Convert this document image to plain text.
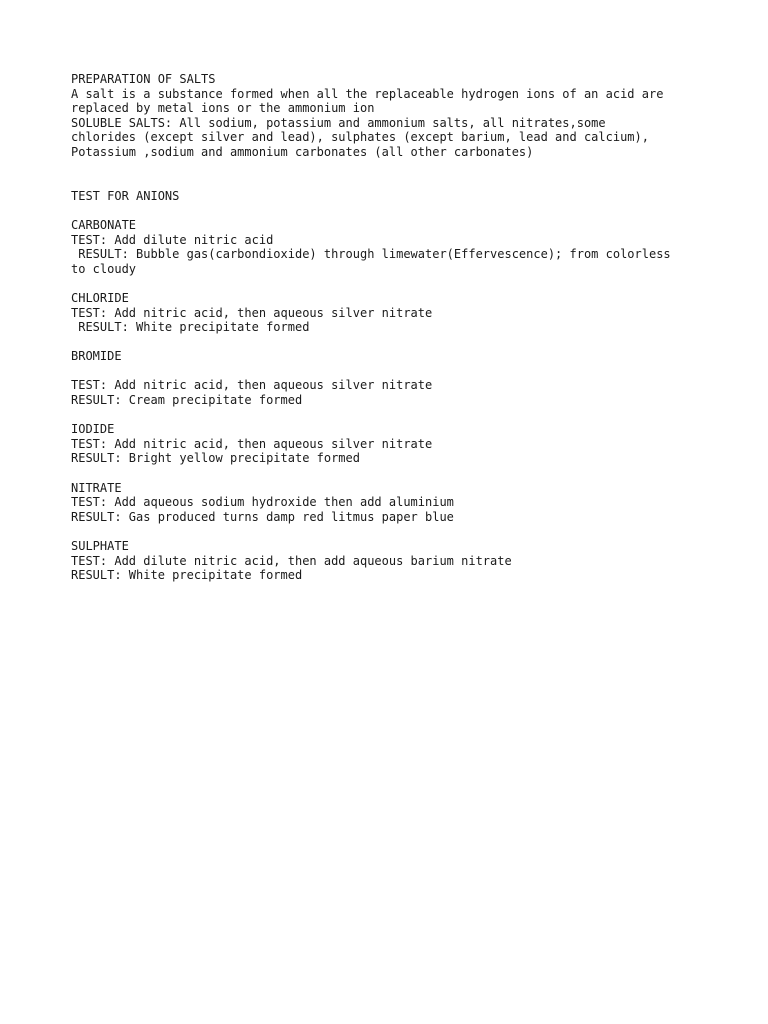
PREPARATION OF SALTS
A salt is a substance formed when all the replaceable hydrogen ions of an acid are
replaced by metal ions or the ammonium ion
SOLUBLE SALTS: All sodium, potassium and ammonium salts, all nitrates,some
chlorides (except silver and lead), sulphates (except barium, lead and calcium),
Potassium ,sodium and ammonium carbonates (all other carbonates)
TEST FOR ANIONS
CARBONATE
TEST: Add dilute nitric acid
RESULT: Bubble gas(carbondioxide) through limewater(Effervescence); from colorless
to cloudy
CHLORIDE
TEST: Add nitric acid, then aqueous silver nitrate
RESULT: White precipitate formed
BROMIDE
TEST: Add nitric acid, then aqueous silver nitrate
RESULT: Cream precipitate formed
IODIDE
TEST: Add nitric acid, then aqueous silver nitrate
RESULT: Bright yellow precipitate formed
NITRATE
TEST: Add aqueous sodium hydroxide then add aluminium
RESULT: Gas produced turns damp red litmus paper blue
SULPHATE
TEST: Add dilute nitric acid, then add aqueous barium nitrate
RESULT: White precipitate formed
